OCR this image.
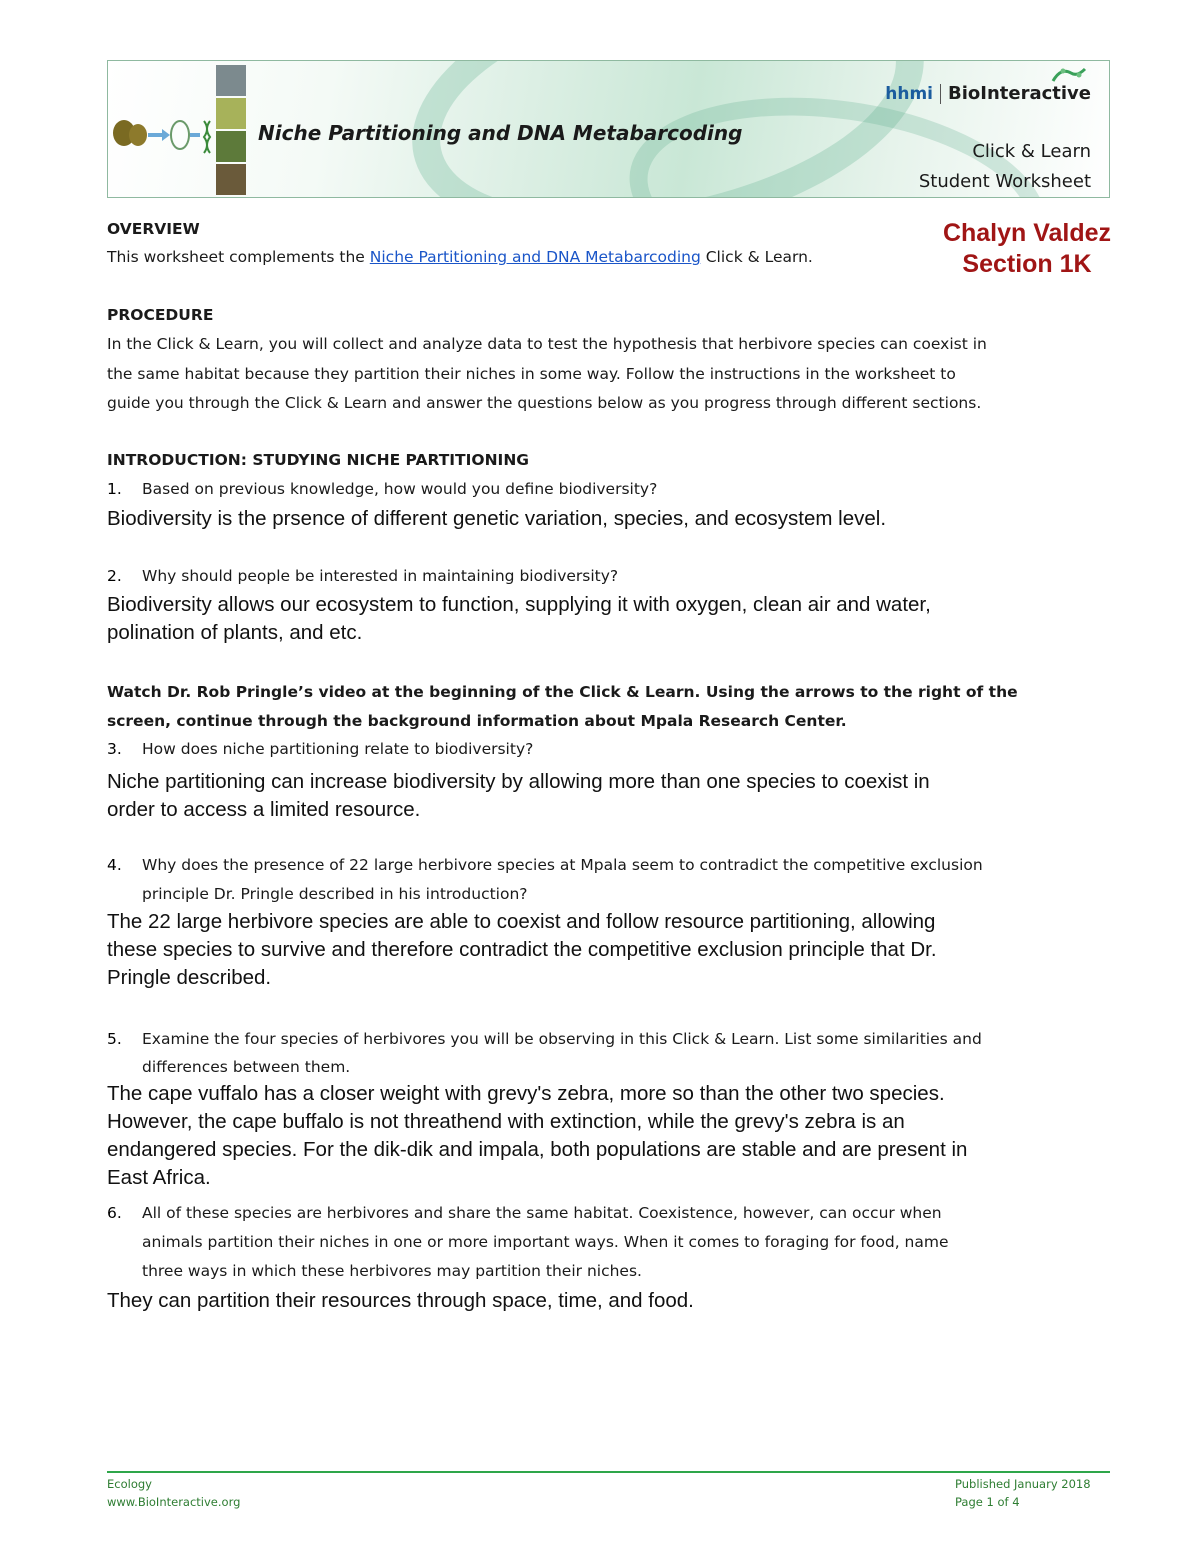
Niche Partitioning and DNA Metabarcoding
hhmi BioInteractive
Click & Learn
Student Worksheet
Chalyn Valdez
Section 1K
OVERVIEW
This worksheet complements the Niche Partitioning and DNA Metabarcoding Click & Learn.
PROCEDURE
In the Click & Learn, you will collect and analyze data to test the hypothesis that herbivore species can coexist in
the same habitat because they partition their niches in some way. Follow the instructions in the worksheet to
guide you through the Click & Learn and answer the questions below as you progress through different sections.
INTRODUCTION: STUDYING NICHE PARTITIONING
1. Based on previous knowledge, how would you define biodiversity?
Biodiversity is the prsence of different genetic variation, species, and ecosystem level.
2. Why should people be interested in maintaining biodiversity?
Biodiversity allows our ecosystem to function, supplying it with oxygen, clean air and water,
polination of plants, and etc.
Watch Dr. Rob Pringle’s video at the beginning of the Click & Learn. Using the arrows to the right of the
screen, continue through the background information about Mpala Research Center.
3. How does niche partitioning relate to biodiversity?
Niche partitioning can increase biodiversity by allowing more than one species to coexist in
order to access a limited resource.
4. Why does the presence of 22 large herbivore species at Mpala seem to contradict the competitive exclusion
principle Dr. Pringle described in his introduction?
The 22 large herbivore species are able to coexist and follow resource partitioning, allowing
these species to survive and therefore contradict the competitive exclusion principle that Dr.
Pringle described.
5. Examine the four species of herbivores you will be observing in this Click & Learn. List some similarities and
differences between them.
The cape vuffalo has a closer weight with grevy's zebra, more so than the other two species.
However, the cape buffalo is not threathend with extinction, while the grevy's zebra is an
endangered species. For the dik-dik and impala, both populations are stable and are present in
East Africa.
6. All of these species are herbivores and share the same habitat. Coexistence, however, can occur when
animals partition their niches in one or more important ways. When it comes to foraging for food, name
three ways in which these herbivores may partition their niches.
They can partition their resources through space, time, and food.
Ecology
www.BioInteractive.org
Published January 2018
Page 1 of 4
